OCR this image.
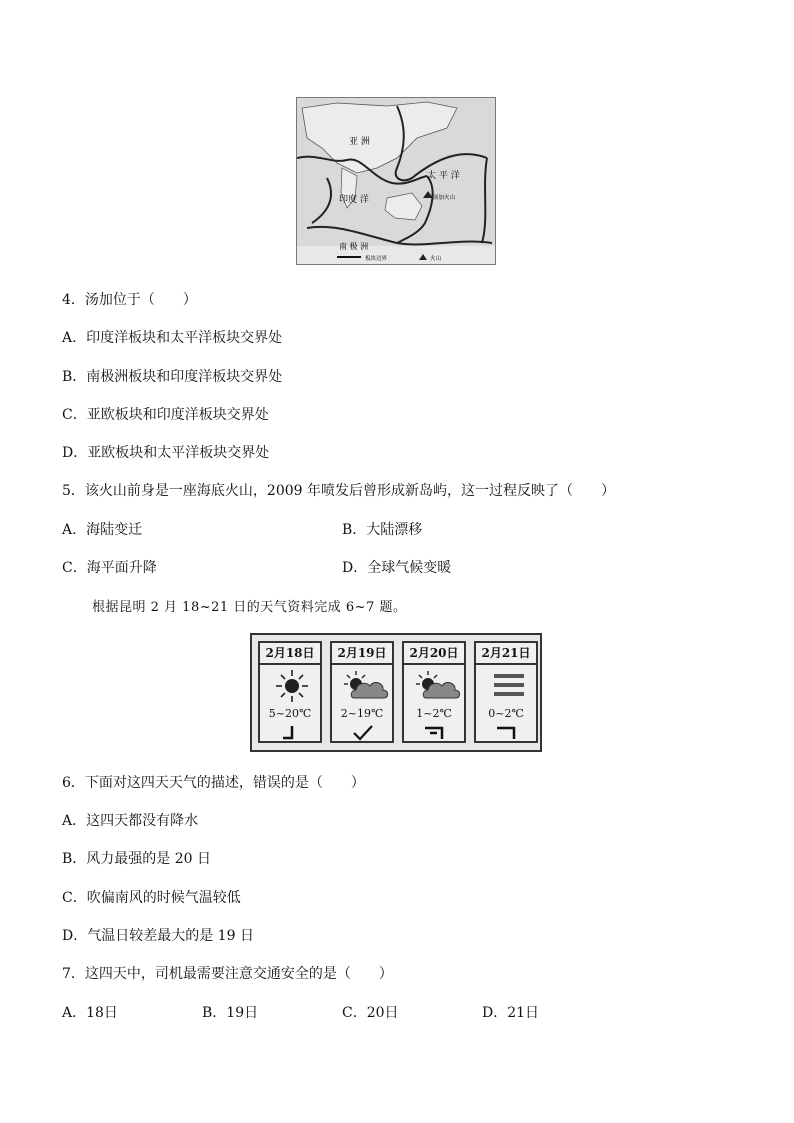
亚 洲
太 平 洋
印度 洋	汤加火山
南 极 洲
板块边界	火山
4．汤加位于（　　）
A．印度洋板块和太平洋板块交界处
B．南极洲板块和印度洋板块交界处
C．亚欧板块和印度洋板块交界处
D．亚欧板块和太平洋板块交界处
5．该火山前身是一座海底火山，2009 年喷发后曾形成新岛屿，这一过程反映了（　　）
A．海陆变迁	B．大陆漂移
C．海平面升降	D．全球气候变暖
根据昆明 2 月 18~21 日的天气资料完成 6~7 题。
2月18日
5~20℃
2月19日
2~19℃
2月20日
1~2℃
2月21日
0~2℃
6．下面对这四天天气的描述，错误的是（　　）
A．这四天都没有降水
B．风力最强的是 20 日
C．吹偏南风的时候气温较低
D．气温日较差最大的是 19 日
7．这四天中，司机最需要注意交通安全的是（　　）
A．18日	B．19日	C．20日	D．21日
